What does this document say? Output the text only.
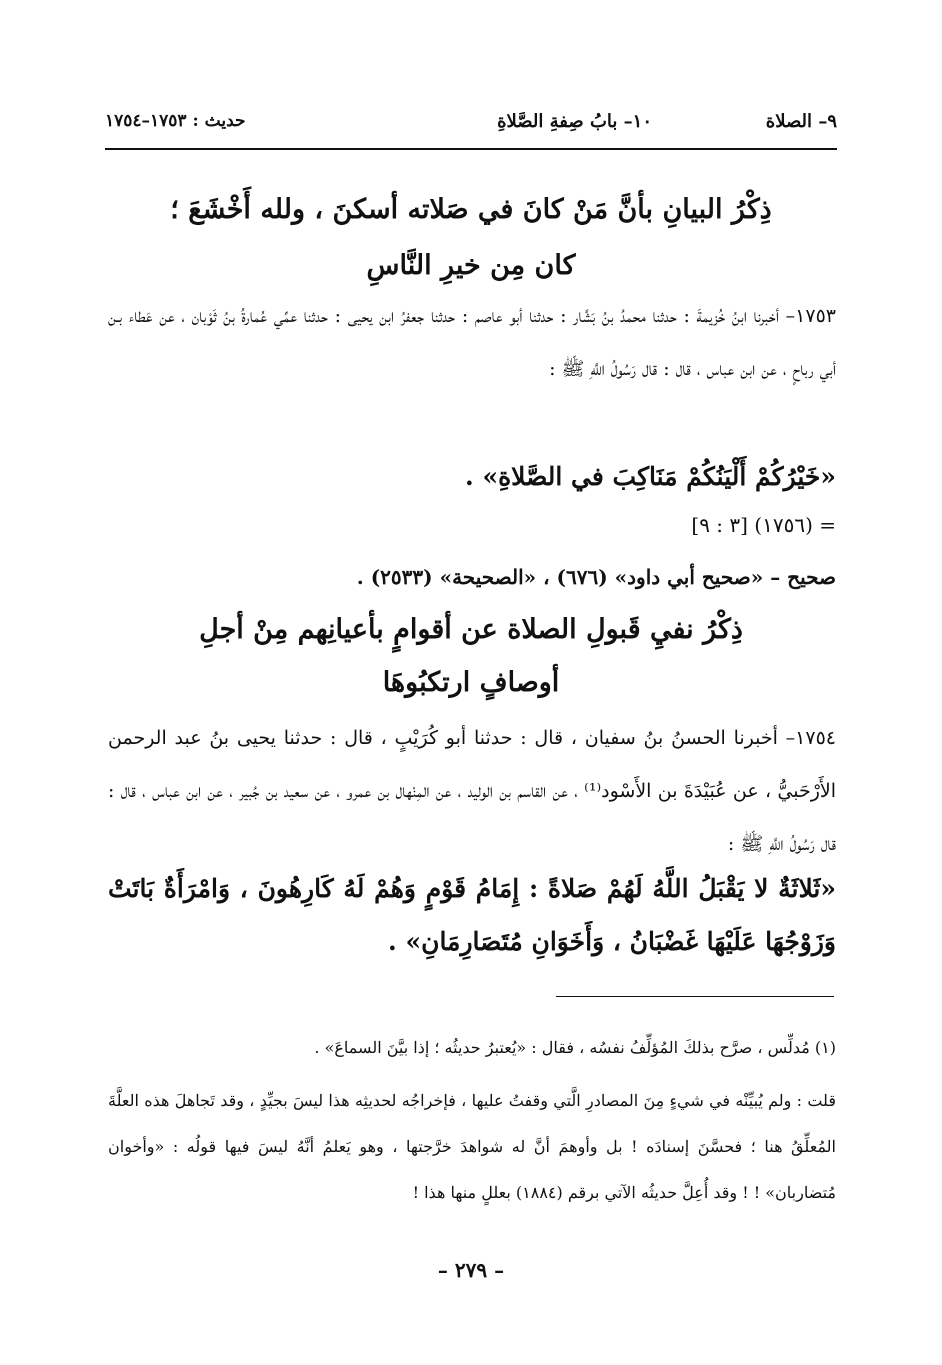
٩– الصلاة
١٠– بابُ صِفةِ الصَّلاةِ
حديث : ١٧٥٣–١٧٥٤
ذِكْرُ البيانِ بأنَّ مَنْ كانَ في صَلاته أسكنَ ، ولله أَخْشَعَ ؛
كان مِن خيرِ النَّاسِ
١٧٥٣– أخبرنا ابنُ خُزيمةَ : حدثنا محمدُ بنُ بَشَّار : حدثنا أبو عاصم : حدثنا جعفرُ ابن يحيى : حدثنا عمِّي عُمارةُ بنُ ثَوْبان ، عن عَطاء بـن أبي رباحٍ ، عن ابن عباس ، قال : قال رَسُولُ اللَّهِ ﷺ :
«خَيْرُكُمْ أَلْيَنُكُمْ مَنَاكِبَ في الصَّلاةِ» .
= (١٧٥٦) [٣ : ٩]
صحيح – «صحيح أبي داود» (٦٧٦) ، «الصحيحة» (٢٥٣٣) .
ذِكْرُ نفيِ قَبولِ الصلاة عن أقوامٍ بأعيانِهم مِنْ أجلِ
أوصافٍ ارتكبُوهَا
١٧٥٤– أخبرنا الحسنُ بنُ سفيان ، قال : حدثنا أبو كُرَيْبٍ ، قال : حدثنا يحيى بنُ عبد الرحمن الأَرْحَبيُّ ، عن عُبَيْدَةَ بن الأَسْود⁽¹⁾ ، عن القاسم بن الوليد ، عن المِنْهال بن عمرو ، عن سعيد بن جُبير ، عن ابن عباس ، قال : قال رَسُولُ اللَّهِ ﷺ :
«ثَلاثَةٌ لا يَقْبَلُ اللَّهُ لَهُمْ صَلاةً : إِمَامُ قَوْمٍ وَهُمْ لَهُ كَارِهُونَ ، وَامْرَأَةٌ بَاتَتْ وَزَوْجُهَا عَلَيْهَا غَضْبَانُ ، وَأَخَوَانِ مُتَصَارِمَانِ» .
(١) مُدلِّس ، صرَّح بذلكَ المُؤلِّفُ نفسُه ، فقال : «يُعتبرُ حديثُه ؛ إذا بيَّنَ السماعَ» .
قلت : ولم يُبيِّنْه في شيءٍ مِنَ المصادرِ الَّتي وقفتُ عليها ، فإخراجُه لحديثِه هذا ليسَ بجيِّدٍ ، وقد تَجاهلَ هذه العلَّةَ المُعلِّقُ هنا ؛ فحسَّنَ إسنادَه ! بل وأوهمَ أنَّ له شواهدَ خرَّجتها ، وهو يَعلمُ أنَّهُ ليسَ فيها قولُه : «وأخوان مُتضاربان» ! ! وقد أُعِلَّ حديثُه الآتي برقم (١٨٨٤) بعللٍ منها هذا !
– ٢٧٩ –
